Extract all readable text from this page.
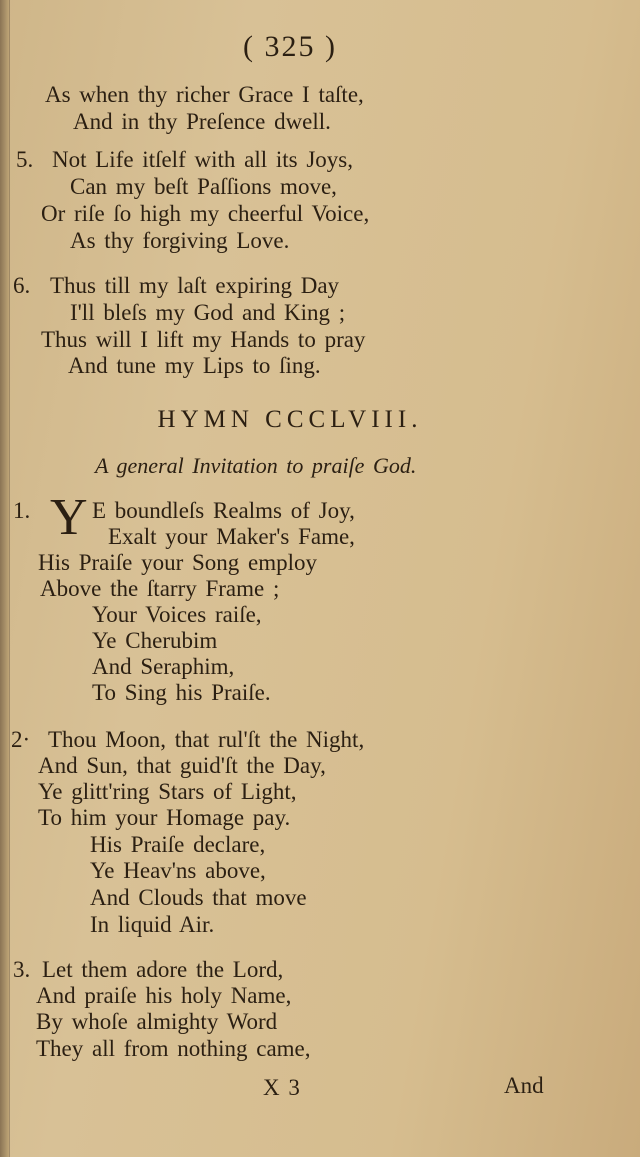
( 325 )
As when thy richer Grace I taſte,
And in thy Preſence dwell.
5. Not Life itſelf with all its Joys,
Can my beſt Paſſions move,
Or riſe ſo high my cheerful Voice,
As thy forgiving Love.
6. Thus till my laſt expiring Day
I'll bleſs my God and King ;
Thus will I lift my Hands to pray
And tune my Lips to ſing.
HYMN CCCLVIII.
A general Invitation to praiſe God.
1. Y E boundleſs Realms of Joy,
Exalt your Maker's Fame,
His Praiſe your Song employ
Above the ſtarry Frame ;
Your Voices raiſe,
Ye Cherubim
And Seraphim,
To Sing his Praiſe.
2· Thou Moon, that rul'ſt the Night,
And Sun, that guid'ſt the Day,
Ye glitt'ring Stars of Light,
To him your Homage pay.
His Praiſe declare,
Ye Heav'ns above,
And Clouds that move
In liquid Air.
3. Let them adore the Lord,
And praiſe his holy Name,
By whoſe almighty Word
They all from nothing came,
X 3	And
